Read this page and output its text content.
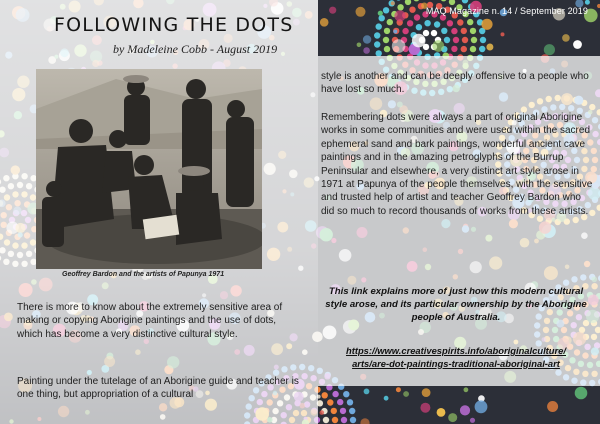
MAQ Magazine n. 14 / September 2019
FOLLOWING THE DOTS
by Madeleine Cobb - August 2019
Geoffrey Bardon and the artists of Papunya 1971

There is more to know about the extremely sensitive area of making or copying Aborigine paintings and the use of dots, which has become a very distinctive cultural style.

Painting under the tutelage of an Aborigine guide and teacher is one thing, but appropriation of a cultural

style is another and can be deeply offensive to a people who have lost so much.

Remembering dots were always a part of original Aborigine works in some communities and were used within the sacred ephemeral sand and bark paintings, wonderful ancient cave paintings and in the amazing petroglyphs of the Burrup Peninsular and elsewhere, a very distinct art style arose in 1971 at Papunya of the people themselves, with the sensitive and trusted help of artist and teacher Geoffrey Bardon who did so much to record thousands of works from these artists.

This link explains more of just how this modern cultural style arose, and its particular ownership by the Aborigine people of Australia.

https://www.creativespirits.info/aboriginalculture/
arts/are-dot-paintings-traditional-aboriginal-art
